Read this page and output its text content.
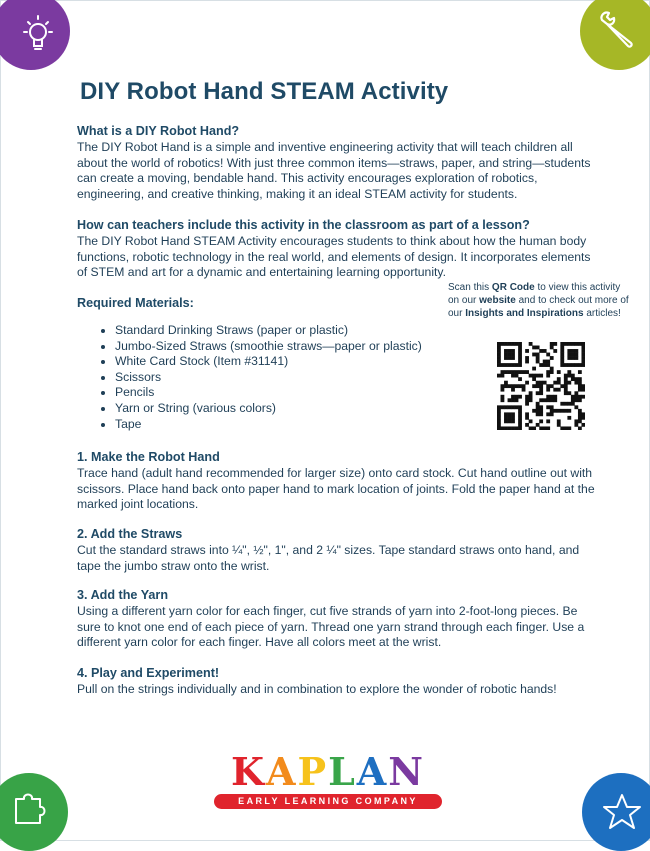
DIY Robot Hand STEAM Activity
What is a DIY Robot Hand?

The DIY Robot Hand is a simple and inventive engineering activity that will teach children all about the world of robotics! With just three common items—straws, paper, and string—students can create a moving, bendable hand. This activity encourages exploration of robotics, engineering, and creative thinking, making it an ideal STEAM activity for students.

How can teachers include this activity in the classroom as part of a lesson?

The DIY Robot Hand STEAM Activity encourages students to think about how the human body functions, robotic technology in the real world, and elements of design. It incorporates elements of STEM and art for a dynamic and entertaining learning opportunity.

Required Materials:
• Standard Drinking Straws (paper or plastic)
• Jumbo-Sized Straws (smoothie straws—paper or plastic)
• White Card Stock (Item #31141)
• Scissors
• Pencils
• Yarn or String (various colors)
• Tape
Scan this QR Code to view this activity on our website and to check out more of our Insights and Inspirations articles!
1. Make the Robot Hand

Trace hand (adult hand recommended for larger size) onto card stock. Cut hand outline out with scissors. Place hand back onto paper hand to mark location of joints. Fold the paper hand at the marked joint locations.

2. Add the Straws

Cut the standard straws into ¼", ½", 1", and 2 ¼" sizes. Tape standard straws onto hand, and tape the jumbo straw onto the wrist.

3. Add the Yarn

Using a different yarn color for each finger, cut five strands of yarn into 2-foot-long pieces. Be sure to knot one end of each piece of yarn. Thread one yarn strand through each finger. Use a different yarn color for each finger. Have all colors meet at the wrist.

4. Play and Experiment!

Pull on the strings individually and in combination to explore the wonder of robotic hands!

KAPLAN
EARLY LEARNING COMPANY
